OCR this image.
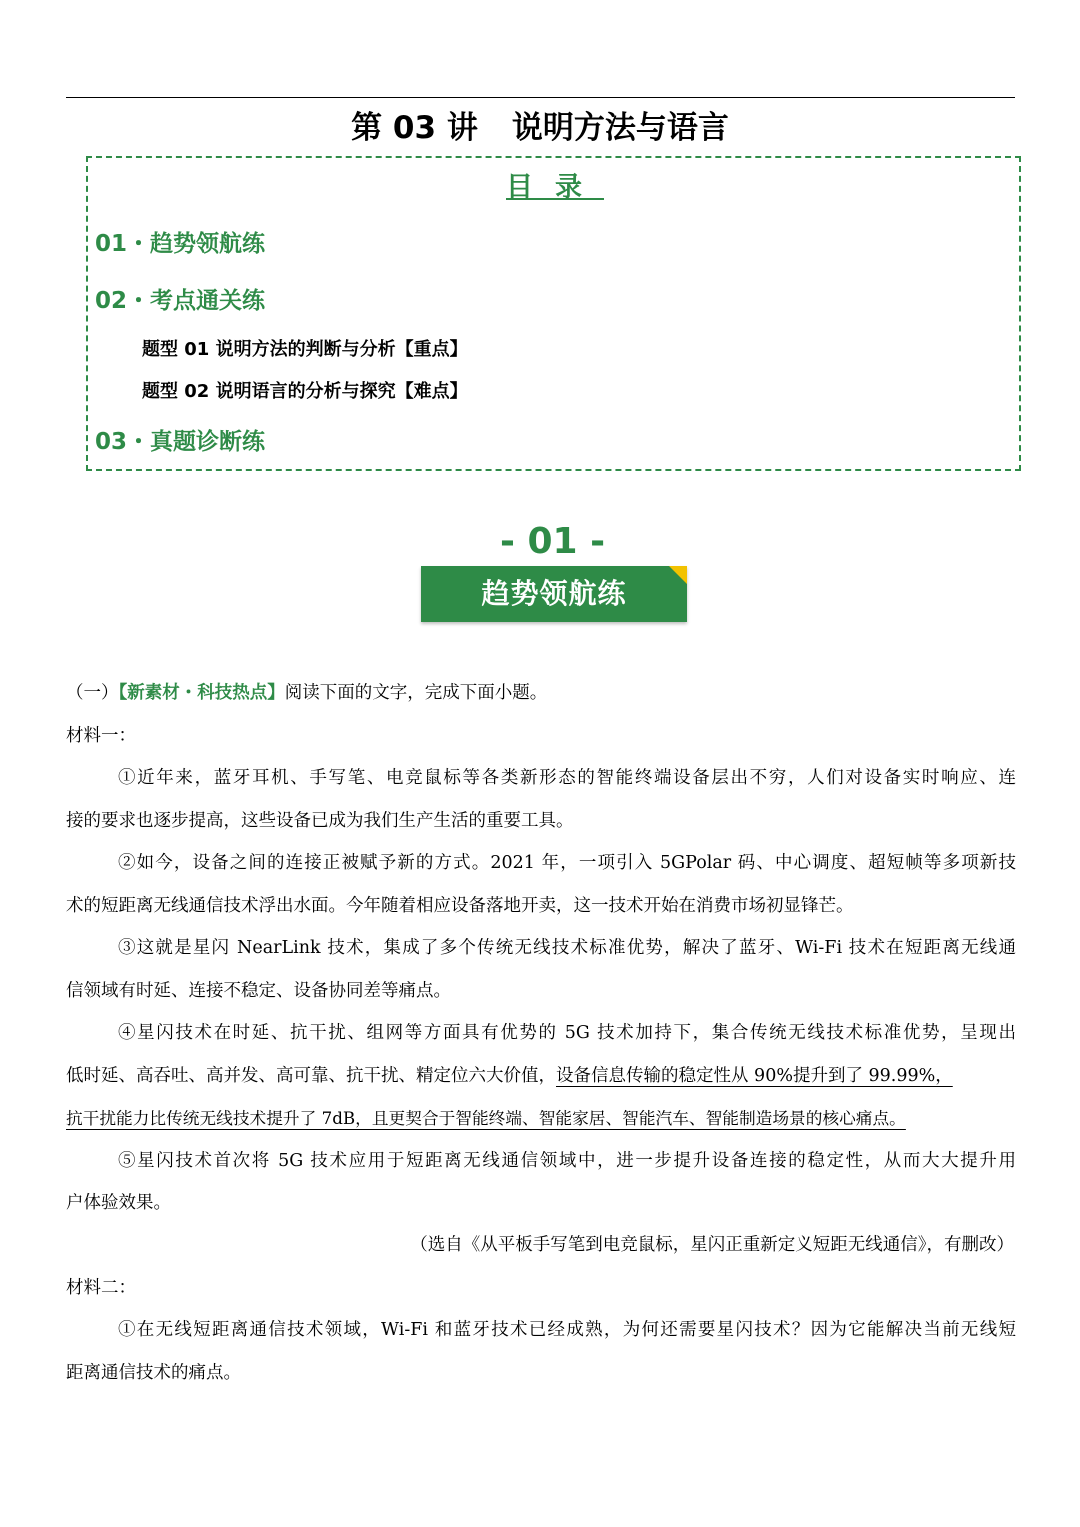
第 03 讲 说明方法与语言
目录
01・趋势领航练
02・考点通关练
题型 01 说明方法的判断与分析【重点】
题型 02 说明语言的分析与探究【难点】
03・真题诊断练
- 01 -
趋势领航练
（一）【新素材・科技热点】阅读下面的文字，完成下面小题。
材料一：
①近年来，蓝牙耳机、手写笔、电竞鼠标等各类新形态的智能终端设备层出不穷，人们对设备实时响应、连
接的要求也逐步提高，这些设备已成为我们生产生活的重要工具。
②如今，设备之间的连接正被赋予新的方式。2021 年，一项引入 5GPolar 码、中心调度、超短帧等多项新技
术的短距离无线通信技术浮出水面。今年随着相应设备落地开卖，这一技术开始在消费市场初显锋芒。
③这就是星闪 NearLink 技术，集成了多个传统无线技术标准优势，解决了蓝牙、Wi-Fi 技术在短距离无线通
信领域有时延、连接不稳定、设备协同差等痛点。
④星闪技术在时延、抗干扰、组网等方面具有优势的 5G 技术加持下，集合传统无线技术标准优势，呈现出
低时延、高吞吐、高并发、高可靠、抗干扰、精定位六大价值，设备信息传输的稳定性从 90%提升到了 99.99%，
抗干扰能力比传统无线技术提升了 7dB，且更契合于智能终端、智能家居、智能汽车、智能制造场景的核心痛点。
⑤星闪技术首次将 5G 技术应用于短距离无线通信领域中，进一步提升设备连接的稳定性，从而大大提升用
户体验效果。
（选自《从平板手写笔到电竞鼠标，星闪正重新定义短距无线通信》，有删改）
材料二：
①在无线短距离通信技术领域，Wi-Fi 和蓝牙技术已经成熟，为何还需要星闪技术？因为它能解决当前无线短
距离通信技术的痛点。
